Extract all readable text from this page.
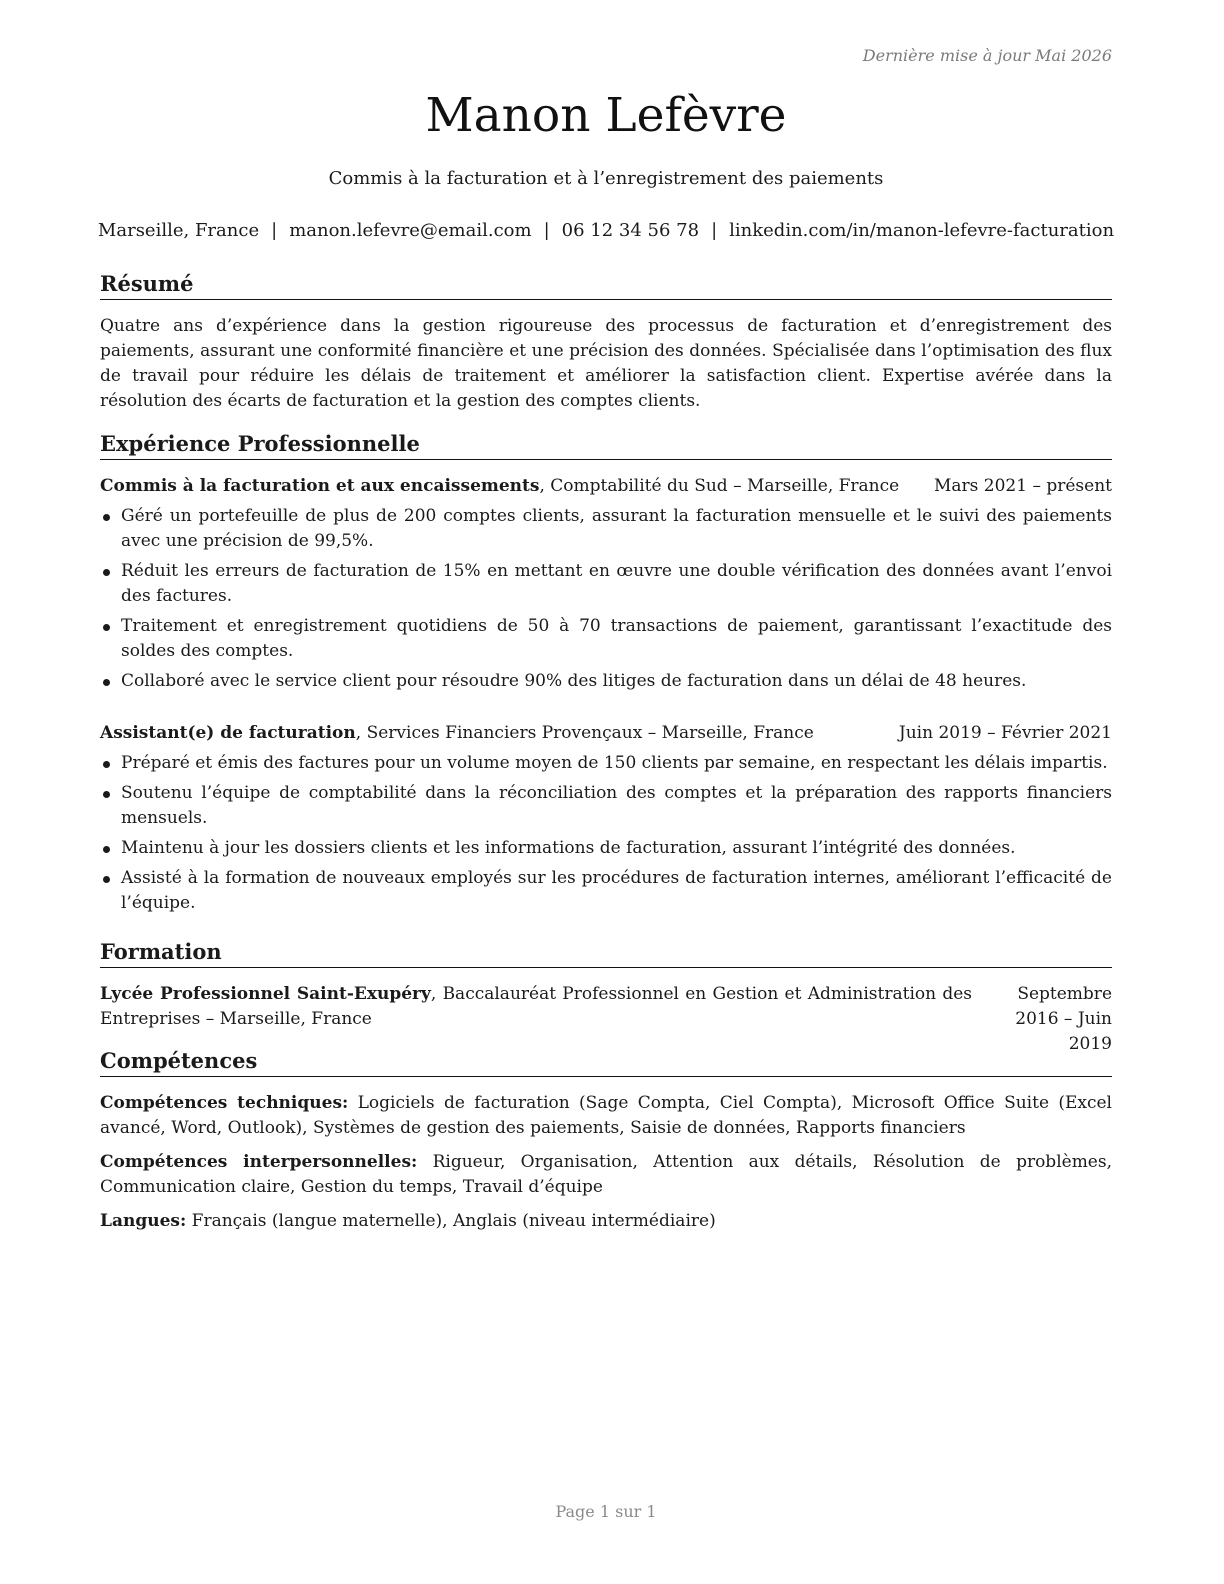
Dernière mise à jour Mai 2026
Manon Lefèvre
Commis à la facturation et à l’enregistrement des paiements
Marseille, France | manon.lefevre@email.com | 06 12 34 56 78 | linkedin.com/in/manon-lefevre-facturation
Résumé
Quatre ans d’expérience dans la gestion rigoureuse des processus de facturation et d’enregistrement des paiements, assurant une conformité financière et une précision des données. Spécialisée dans l’optimisation des flux de travail pour réduire les délais de traitement et améliorer la satisfaction client. Expertise avérée dans la résolution des écarts de facturation et la gestion des comptes clients.
Expérience Professionnelle
Commis à la facturation et aux encaissements, Comptabilité du Sud – Marseille, France Mars 2021 – présent
Géré un portefeuille de plus de 200 comptes clients, assurant la facturation mensuelle et le suivi des paiements avec une précision de 99,5%.
Réduit les erreurs de facturation de 15% en mettant en œuvre une double vérification des données avant l’envoi des factures.
Traitement et enregistrement quotidiens de 50 à 70 transactions de paiement, garantissant l’exactitude des soldes des comptes.
Collaboré avec le service client pour résoudre 90% des litiges de facturation dans un délai de 48 heures.
Assistant(e) de facturation, Services Financiers Provençaux – Marseille, France	Juin 2019 – Février 2021
Préparé et émis des factures pour un volume moyen de 150 clients par semaine, en respectant les délais impartis.
Soutenu l’équipe de comptabilité dans la réconciliation des comptes et la préparation des rapports financiers mensuels.
Maintenu à jour les dossiers clients et les informations de facturation, assurant l’intégrité des données.
Assisté à la formation de nouveaux employés sur les procédures de facturation internes, améliorant l’efficacité de l’équipe.
Formation
Lycée Professionnel Saint-Exupéry, Baccalauréat Professionnel en Gestion et Administration des Entreprises – Marseille, France
Septembre 2016 – Juin 2019
Compétences
Compétences techniques: Logiciels de facturation (Sage Compta, Ciel Compta), Microsoft Office Suite (Excel avancé, Word, Outlook), Systèmes de gestion des paiements, Saisie de données, Rapports financiers
Compétences interpersonnelles: Rigueur, Organisation, Attention aux détails, Résolution de problèmes, Communication claire, Gestion du temps, Travail d’équipe
Langues: Français (langue maternelle), Anglais (niveau intermédiaire)
Page 1 sur 1
